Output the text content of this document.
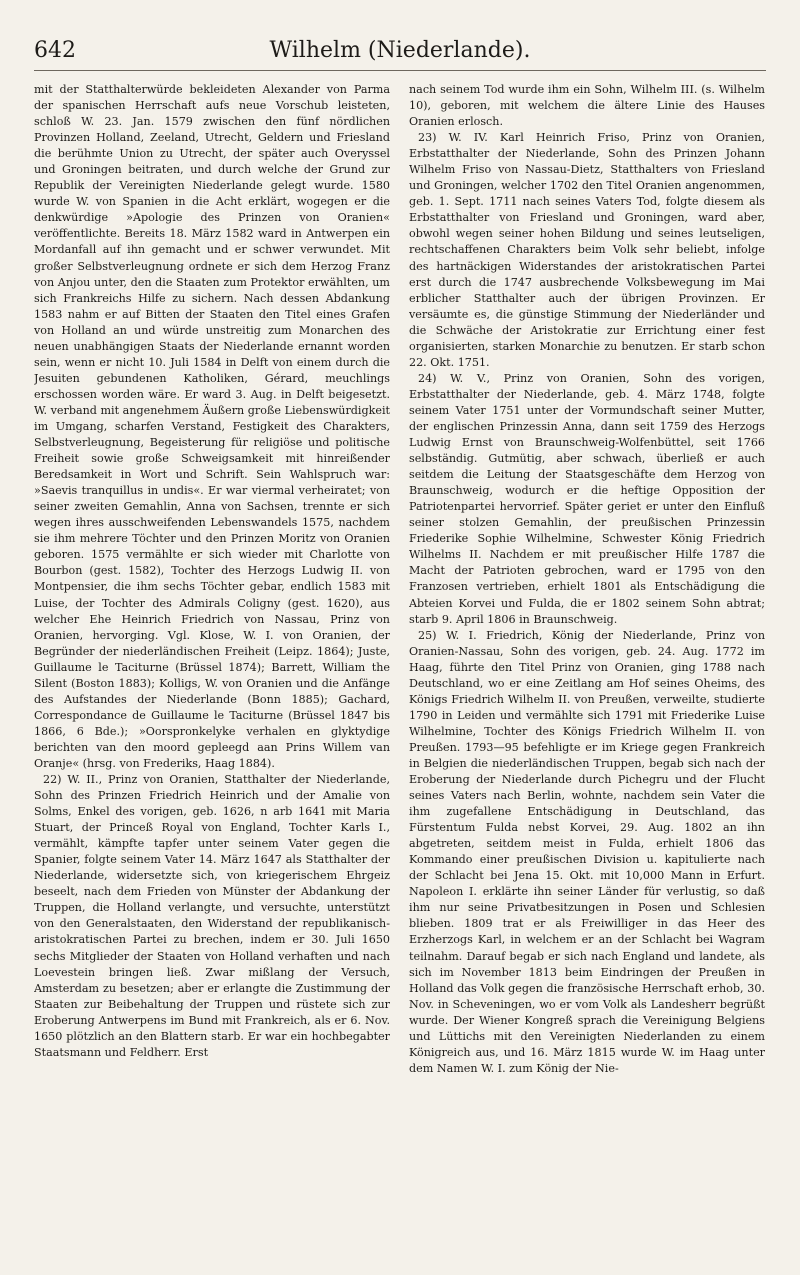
642	Wilhelm (Niederlande).

mit der Statthalterwürde bekleideten Alexander von Parma der spanischen Herrschaft aufs neue Vorschub leisteten, schloß W. 23. Jan. 1579 zwischen den fünf nördlichen Provinzen Holland, Zeeland, Utrecht, Geldern und Friesland die berühmte Union zu Utrecht, der später auch Overyssel und Groningen beitraten, und durch welche der Grund zur Republik der Vereinigten Niederlande gelegt wurde. 1580 wurde W. von Spanien in die Acht erklärt, wogegen er die denkwürdige »Apologie des Prinzen von Oranien« veröffentlichte. Bereits 18. März 1582 ward in Antwerpen ein Mordanfall auf ihn gemacht und er schwer verwundet. Mit großer Selbstverleugnung ordnete er sich dem Herzog Franz von Anjou unter, den die Staaten zum Protektor erwählten, um sich Frankreichs Hilfe zu sichern. Nach dessen Abdankung 1583 nahm er auf Bitten der Staaten den Titel eines Grafen von Holland an und würde unstreitig zum Monarchen des neuen unabhängigen Staats der Niederlande ernannt worden sein, wenn er nicht 10. Juli 1584 in Delft von einem durch die Jesuiten gebundenen Katholiken, Gérard, meuchlings erschossen worden wäre. Er ward 3. Aug. in Delft beigesetzt. W. verband mit angenehmem Äußern große Liebenswürdigkeit im Umgang, scharfen Verstand, Festigkeit des Charakters, Selbstverleugnung, Begeisterung für religiöse und politische Freiheit sowie große Schweigsamkeit mit hinreißender Beredsamkeit in Wort und Schrift. Sein Wahlspruch war: »Saevis tranquillus in undis«. Er war viermal verheiratet; von seiner zweiten Gemahlin, Anna von Sachsen, trennte er sich wegen ihres ausschweifenden Lebenswandels 1575, nachdem sie ihm mehrere Töchter und den Prinzen Moritz von Oranien geboren. 1575 vermählte er sich wieder mit Charlotte von Bourbon (gest. 1582), Tochter des Herzogs Ludwig II. von Montpensier, die ihm sechs Töchter gebar, endlich 1583 mit Luise, der Tochter des Admirals Coligny (gest. 1620), aus welcher Ehe Heinrich Friedrich von Nassau, Prinz von Oranien, hervorging. Vgl. Klose, W. I. von Oranien, der Begründer der niederländischen Freiheit (Leipz. 1864); Juste, Guillaume le Taciturne (Brüssel 1874); Barrett, William the Silent (Boston 1883); Kolligs, W. von Oranien und die Anfänge des Aufstandes der Niederlande (Bonn 1885); Gachard, Correspondance de Guillaume le Taciturne (Brüssel 1847 bis 1866, 6 Bde.); »Oorspronkelyke verhalen en glyktydige berichten van den moord gepleegd aan Prins Willem van Oranje« (hrsg. von Frederiks, Haag 1884).

22) W. II., Prinz von Oranien, Statthalter der Niederlande, Sohn des Prinzen Friedrich Heinrich und der Amalie von Solms, Enkel des vorigen, geb. 1626, n arb 1641 mit Maria Stuart, der Princeß Royal von England, Tochter Karls I., vermählt, kämpfte tapfer unter seinem Vater gegen die Spanier, folgte seinem Vater 14. März 1647 als Statthalter der Niederlande, widersetzte sich, von kriegerischem Ehrgeiz beseelt, nach dem Frieden von Münster der Abdankung der Truppen, die Holland verlangte, und versuchte, unterstützt von den Generalstaaten, den Widerstand der republikanisch-aristokratischen Partei zu brechen, indem er 30. Juli 1650 sechs Mitglieder der Staaten von Holland verhaften und nach Loevestein bringen ließ. Zwar mißlang der Versuch, Amsterdam zu besetzen; aber er erlangte die Zustimmung der Staaten zur Beibehaltung der Truppen und rüstete sich zur Eroberung Antwerpens im Bund mit Frankreich, als er 6. Nov. 1650 plötzlich an den Blattern starb. Er war ein hochbegabter Staatsmann und Feldherr. Erst

nach seinem Tod wurde ihm ein Sohn, Wilhelm III. (s. Wilhelm 10), geboren, mit welchem die ältere Linie des Hauses Oranien erlosch.

23) W. IV. Karl Heinrich Friso, Prinz von Oranien, Erbstatthalter der Niederlande, Sohn des Prinzen Johann Wilhelm Friso von Nassau-Dietz, Statthalters von Friesland und Groningen, welcher 1702 den Titel Oranien angenommen, geb. 1. Sept. 1711 nach seines Vaters Tod, folgte diesem als Erbstatthalter von Friesland und Groningen, ward aber, obwohl wegen seiner hohen Bildung und seines leutseligen, rechtschaffenen Charakters beim Volk sehr beliebt, infolge des hartnäckigen Widerstandes der aristokratischen Partei erst durch die 1747 ausbrechende Volksbewegung im Mai erblicher Statthalter auch der übrigen Provinzen. Er versäumte es, die günstige Stimmung der Niederländer und die Schwäche der Aristokratie zur Errichtung einer fest organisierten, starken Monarchie zu benutzen. Er starb schon 22. Okt. 1751.

24) W. V., Prinz von Oranien, Sohn des vorigen, Erbstatthalter der Niederlande, geb. 4. März 1748, folgte seinem Vater 1751 unter der Vormundschaft seiner Mutter, der englischen Prinzessin Anna, dann seit 1759 des Herzogs Ludwig Ernst von Braunschweig-Wolfenbüttel, seit 1766 selbständig. Gutmütig, aber schwach, überließ er auch seitdem die Leitung der Staatsgeschäfte dem Herzog von Braunschweig, wodurch er die heftige Opposition der Patriotenpartei hervorrief. Später geriet er unter den Einfluß seiner stolzen Gemahlin, der preußischen Prinzessin Friederike Sophie Wilhelmine, Schwester König Friedrich Wilhelms II. Nachdem er mit preußischer Hilfe 1787 die Macht der Patrioten gebrochen, ward er 1795 von den Franzosen vertrieben, erhielt 1801 als Entschädigung die Abteien Korvei und Fulda, die er 1802 seinem Sohn abtrat; starb 9. April 1806 in Braunschweig.

25) W. I. Friedrich, König der Niederlande, Prinz von Oranien-Nassau, Sohn des vorigen, geb. 24. Aug. 1772 im Haag, führte den Titel Prinz von Oranien, ging 1788 nach Deutschland, wo er eine Zeitlang am Hof seines Oheims, des Königs Friedrich Wilhelm II. von Preußen, verweilte, studierte 1790 in Leiden und vermählte sich 1791 mit Friederike Luise Wilhelmine, Tochter des Königs Friedrich Wilhelm II. von Preußen. 1793—95 befehligte er im Kriege gegen Frankreich in Belgien die niederländischen Truppen, begab sich nach der Eroberung der Niederlande durch Pichegru und der Flucht seines Vaters nach Berlin, wohnte, nachdem sein Vater die ihm zugefallene Entschädigung in Deutschland, das Fürstentum Fulda nebst Korvei, 29. Aug. 1802 an ihn abgetreten, seitdem meist in Fulda, erhielt 1806 das Kommando einer preußischen Division u. kapitulierte nach der Schlacht bei Jena 15. Okt. mit 10,000 Mann in Erfurt. Napoleon I. erklärte ihn seiner Länder für verlustig, so daß ihm nur seine Privatbesitzungen in Posen und Schlesien blieben. 1809 trat er als Freiwilliger in das Heer des Erzherzogs Karl, in welchem er an der Schlacht bei Wagram teilnahm. Darauf begab er sich nach England und landete, als sich im November 1813 beim Eindringen der Preußen in Holland das Volk gegen die französische Herrschaft erhob, 30. Nov. in Scheveningen, wo er vom Volk als Landesherr begrüßt wurde. Der Wiener Kongreß sprach die Vereinigung Belgiens und Lüttichs mit den Vereinigten Niederlanden zu einem Königreich aus, und 16. März 1815 wurde W. im Haag unter dem Namen W. I. zum König der Nie-
